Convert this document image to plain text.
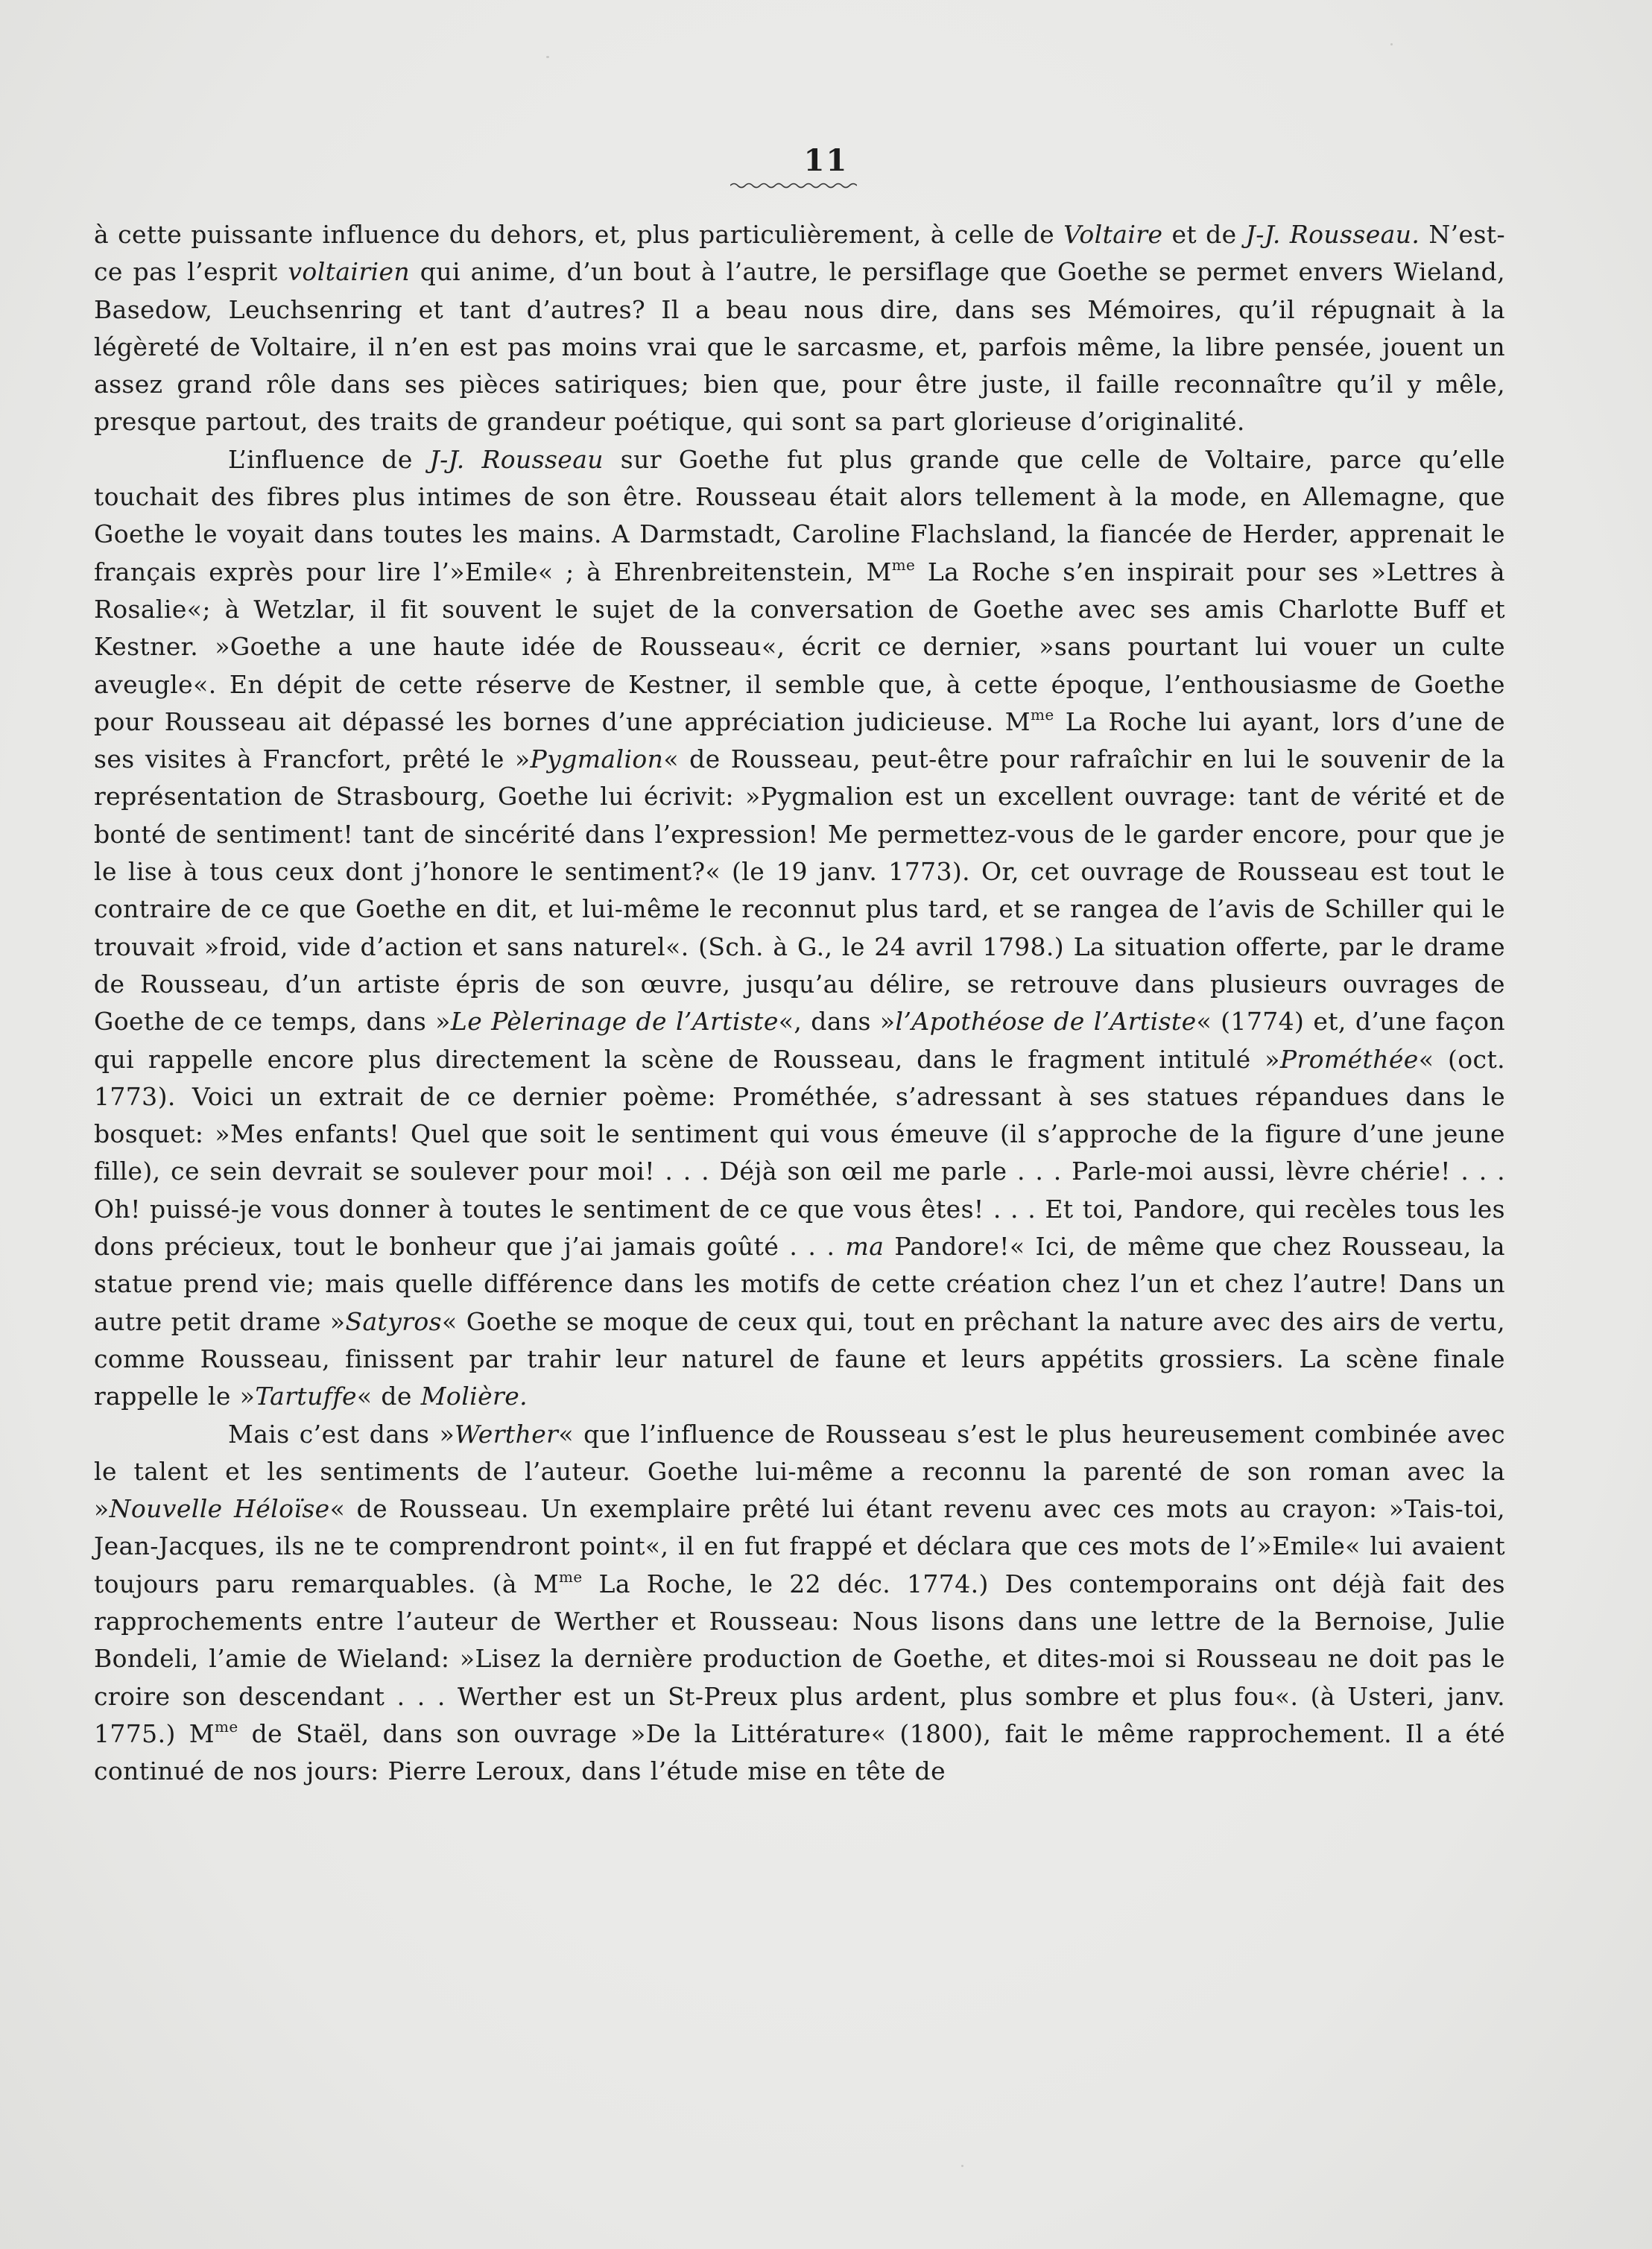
11

à cette puissante influence du dehors, et, plus particulièrement, à celle de Voltaire et de J-J. Rousseau. N’est-ce pas l’esprit voltairien qui anime, d’un bout à l’autre, le persiflage que Goethe se permet envers Wieland, Basedow, Leuchsenring et tant d’autres? Il a beau nous dire, dans ses Mémoires, qu’il répugnait à la légèreté de Voltaire, il n’en est pas moins vrai que le sarcasme, et, parfois même, la libre pensée, jouent un assez grand rôle dans ses pièces satiriques; bien que, pour être juste, il faille reconnaître qu’il y mêle, presque partout, des traits de grandeur poétique, qui sont sa part glorieuse d’originalité.

L’influence de J-J. Rousseau sur Goethe fut plus grande que celle de Voltaire, parce qu’elle touchait des fibres plus intimes de son être. Rousseau était alors tellement à la mode, en Allemagne, que Goethe le voyait dans toutes les mains. A Darmstadt, Caroline Flachsland, la fiancée de Herder, apprenait le français exprès pour lire l’»Emile« ; à Ehrenbreitenstein, $M^{me}$ La Roche s’en inspirait pour ses »Lettres à Rosalie«; à Wetzlar, il fit souvent le sujet de la conversation de Goethe avec ses amis Charlotte Buff et Kestner. »Goethe a une haute idée de Rousseau«, écrit ce dernier, »sans pourtant lui vouer un culte aveugle«. En dépit de cette réserve de Kestner, il semble que, à cette époque, l’enthousiasme de Goethe pour Rousseau ait dépassé les bornes d’une appréciation judicieuse. $M^{me}$ La Roche lui ayant, lors d’une de ses visites à Francfort, prêté le »Pygmalion« de Rousseau, peut-être pour rafraîchir en lui le souvenir de la représentation de Strasbourg, Goethe lui écrivit: »Pygmalion est un excellent ouvrage: tant de vérité et de bonté de sentiment! tant de sincérité dans l’expression! Me permettez-vous de le garder encore, pour que je le lise à tous ceux dont j’honore le sentiment?« (le 19 janv. 1773). Or, cet ouvrage de Rousseau est tout le contraire de ce que Goethe en dit, et lui-même le reconnut plus tard, et se rangea de l’avis de Schiller qui le trouvait »froid, vide d’action et sans naturel«. (Sch. à G., le 24 avril 1798.) La situation offerte, par le drame de Rousseau, d’un artiste épris de son œuvre, jusqu’au délire, se retrouve dans plusieurs ouvrages de Goethe de ce temps, dans »Le Pèlerinage de l’Artiste«, dans »l’Apothéose de l’Artiste« (1774) et, d’une façon qui rappelle encore plus directement la scène de Rousseau, dans le fragment intitulé »Prométhée« (oct. 1773). Voici un extrait de ce dernier poème: Prométhée, s’adressant à ses statues répandues dans le bosquet: »Mes enfants! Quel que soit le sentiment qui vous émeuve (il s’approche de la figure d’une jeune fille), ce sein devrait se soulever pour moi! . . . Déjà son œil me parle . . . Parle-moi aussi, lèvre chérie! . . . Oh! puissé-je vous donner à toutes le sentiment de ce que vous êtes! . . . Et toi, Pandore, qui recèles tous les dons précieux, tout le bonheur que j’ai jamais goûté . . . ma Pandore!« Ici, de même que chez Rousseau, la statue prend vie; mais quelle différence dans les motifs de cette création chez l’un et chez l’autre! Dans un autre petit drame »Satyros« Goethe se moque de ceux qui, tout en prêchant la nature avec des airs de vertu, comme Rousseau, finissent par trahir leur naturel de faune et leurs appétits grossiers. La scène finale rappelle le »Tartuffe« de Molière.

Mais c’est dans »Werther« que l’influence de Rousseau s’est le plus heureusement combinée avec le talent et les sentiments de l’auteur. Goethe lui-même a reconnu la parenté de son roman avec la »Nouvelle Héloïse« de Rousseau. Un exemplaire prêté lui étant revenu avec ces mots au crayon: »Tais-toi, Jean-Jacques, ils ne te comprendront point«, il en fut frappé et déclara que ces mots de l’»Emile« lui avaient toujours paru remarquables. (à $M^{me}$ La Roche, le 22 déc. 1774.) Des contemporains ont déjà fait des rapprochements entre l’auteur de Werther et Rousseau: Nous lisons dans une lettre de la Bernoise, Julie Bondeli, l’amie de Wieland: »Lisez la dernière production de Goethe, et dites-moi si Rousseau ne doit pas le croire son descendant . . . Werther est un St-Preux plus ardent, plus sombre et plus fou«. (à Usteri, janv. 1775.) $M^{me}$ de Staël, dans son ouvrage »De la Littérature« (1800), fait le même rapprochement. Il a été continué de nos jours: Pierre Leroux, dans l’étude mise en tête de
